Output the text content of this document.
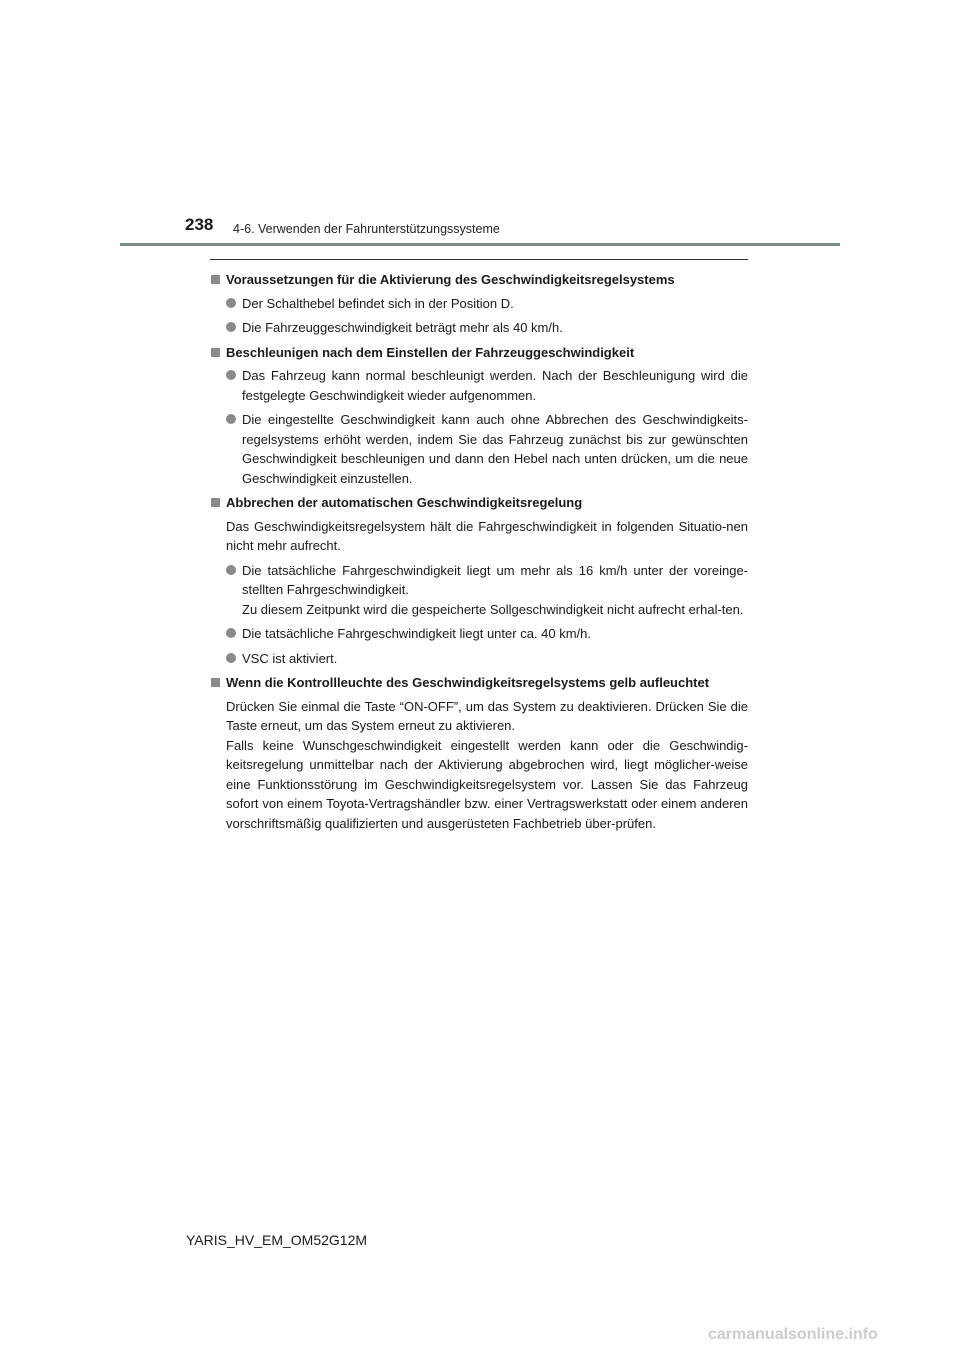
238 4-6. Verwenden der Fahrunterstützungssysteme
Voraussetzungen für die Aktivierung des Geschwindigkeitsregelsystems
Der Schalthebel befindet sich in der Position D.
Die Fahrzeuggeschwindigkeit beträgt mehr als 40 km/h.
Beschleunigen nach dem Einstellen der Fahrzeuggeschwindigkeit
Das Fahrzeug kann normal beschleunigt werden. Nach der Beschleunigung wird die festgelegte Geschwindigkeit wieder aufgenommen.
Die eingestellte Geschwindigkeit kann auch ohne Abbrechen des Geschwindigkeits-regelsystems erhöht werden, indem Sie das Fahrzeug zunächst bis zur gewünschten Geschwindigkeit beschleunigen und dann den Hebel nach unten drücken, um die neue Geschwindigkeit einzustellen.
Abbrechen der automatischen Geschwindigkeitsregelung
Das Geschwindigkeitsregelsystem hält die Fahrgeschwindigkeit in folgenden Situatio-nen nicht mehr aufrecht.
Die tatsächliche Fahrgeschwindigkeit liegt um mehr als 16 km/h unter der voreinge-stellten Fahrgeschwindigkeit.
Zu diesem Zeitpunkt wird die gespeicherte Sollgeschwindigkeit nicht aufrecht erhal-ten.
Die tatsächliche Fahrgeschwindigkeit liegt unter ca. 40 km/h.
VSC ist aktiviert.
Wenn die Kontrollleuchte des Geschwindigkeitsregelsystems gelb aufleuchtet
Drücken Sie einmal die Taste “ON-OFF”, um das System zu deaktivieren. Drücken Sie die Taste erneut, um das System erneut zu aktivieren.
Falls keine Wunschgeschwindigkeit eingestellt werden kann oder die Geschwindig-keitsregelung unmittelbar nach der Aktivierung abgebrochen wird, liegt möglicher-weise eine Funktionsstörung im Geschwindigkeitsregelsystem vor. Lassen Sie das Fahrzeug sofort von einem Toyota-Vertragshändler bzw. einer Vertragswerkstatt oder einem anderen vorschriftsmäßig qualifizierten und ausgerüsteten Fachbetrieb über-prüfen.
YARIS_HV_EM_OM52G12M
carmanualsonline.info
